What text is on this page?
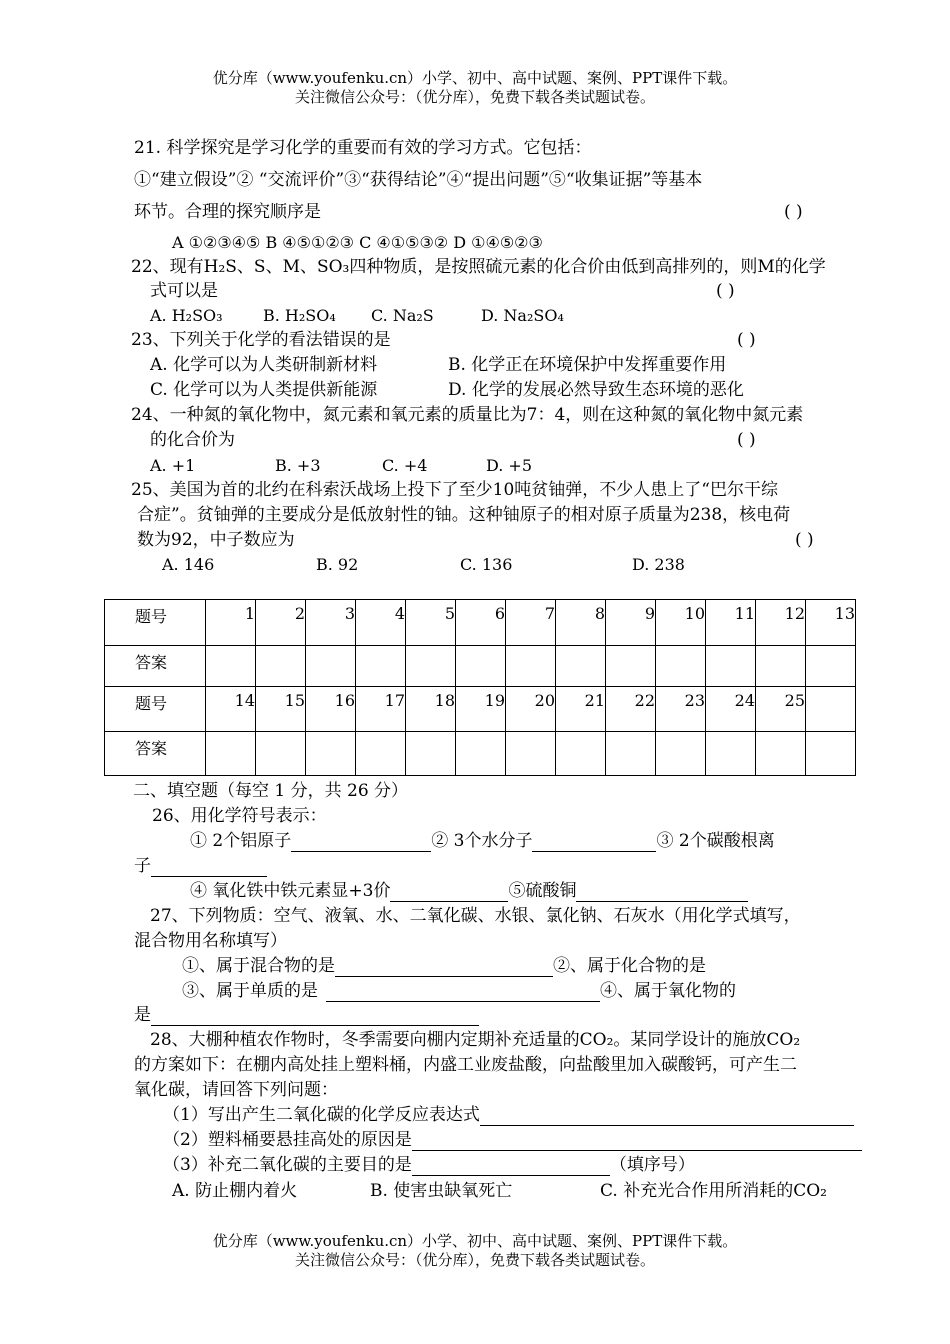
优分库（www.youfenku.cn）小学、初中、高中试题、案例、PPT课件下载。
关注微信公众号：（优分库），免费下载各类试题试卷。
21. 科学探究是学习化学的重要而有效的学习方式。它包括：
①“建立假设”② “交流评价”③“获得结论”④“提出问题”⑤“收集证据”等基本
环节。合理的探究顺序是	( )
A ①②③④⑤ B ④⑤①②③ C ④①⑤③② D ①④⑤②③
22、现有H₂S、S、M、SO₃四种物质，是按照硫元素的化合价由低到高排列的，则M的化学
式可以是	( )
A. H₂SO₃	B. H₂SO₄ C. Na₂S	D. Na₂SO₄
23、下列关于化学的看法错误的是	( )
A. 化学可以为人类研制新材料	B. 化学正在环境保护中发挥重要作用
C. 化学可以为人类提供新能源	D. 化学的发展必然导致生态环境的恶化
24、一种氮的氧化物中，氮元素和氧元素的质量比为7：4，则在这种氮的氧化物中氮元素
的化合价为	( )
A. +1	B. +3	C. +4	D. +5
25、美国为首的北约在科索沃战场上投下了至少10吨贫铀弹，不少人患上了“巴尔干综
合症”。贫铀弹的主要成分是低放射性的铀。这种铀原子的相对原子质量为238，核电荷
数为92，中子数应为	( )
A. 146	B. 92	C. 136	D. 238
题号	1	2	3	4	5	6	7	8	9	10	11	12	13
答案													
题号	14	15	16	17	18	19	20	21	22	23	24	25	
答案													
二、填空题（每空 1 分，共 26 分）
26、用化学符号表示：
① 2个铝原子	② 3个水分子	③ 2个碳酸根离
子
④ 氧化铁中铁元素显+3价	⑤硫酸铜
27、下列物质：空气、液氧、水、二氧化碳、水银、氯化钠、石灰水（用化学式填写，
混合物用名称填写）
①、属于混合物的是	②、属于化合物的是
③、属于单质的是	④、属于氧化物的
是
28、大棚种植农作物时，冬季需要向棚内定期补充适量的CO₂。某同学设计的施放CO₂
的方案如下：在棚内高处挂上塑料桶，内盛工业废盐酸，向盐酸里加入碳酸钙，可产生二
氧化碳，请回答下列问题：
（1）写出产生二氧化碳的化学反应表达式
（2）塑料桶要悬挂高处的原因是
（3）补充二氧化碳的主要目的是	（填序号）
A. 防止棚内着火	B. 使害虫缺氧死亡	C. 补充光合作用所消耗的CO₂
优分库（www.youfenku.cn）小学、初中、高中试题、案例、PPT课件下载。
关注微信公众号：（优分库），免费下载各类试题试卷。
